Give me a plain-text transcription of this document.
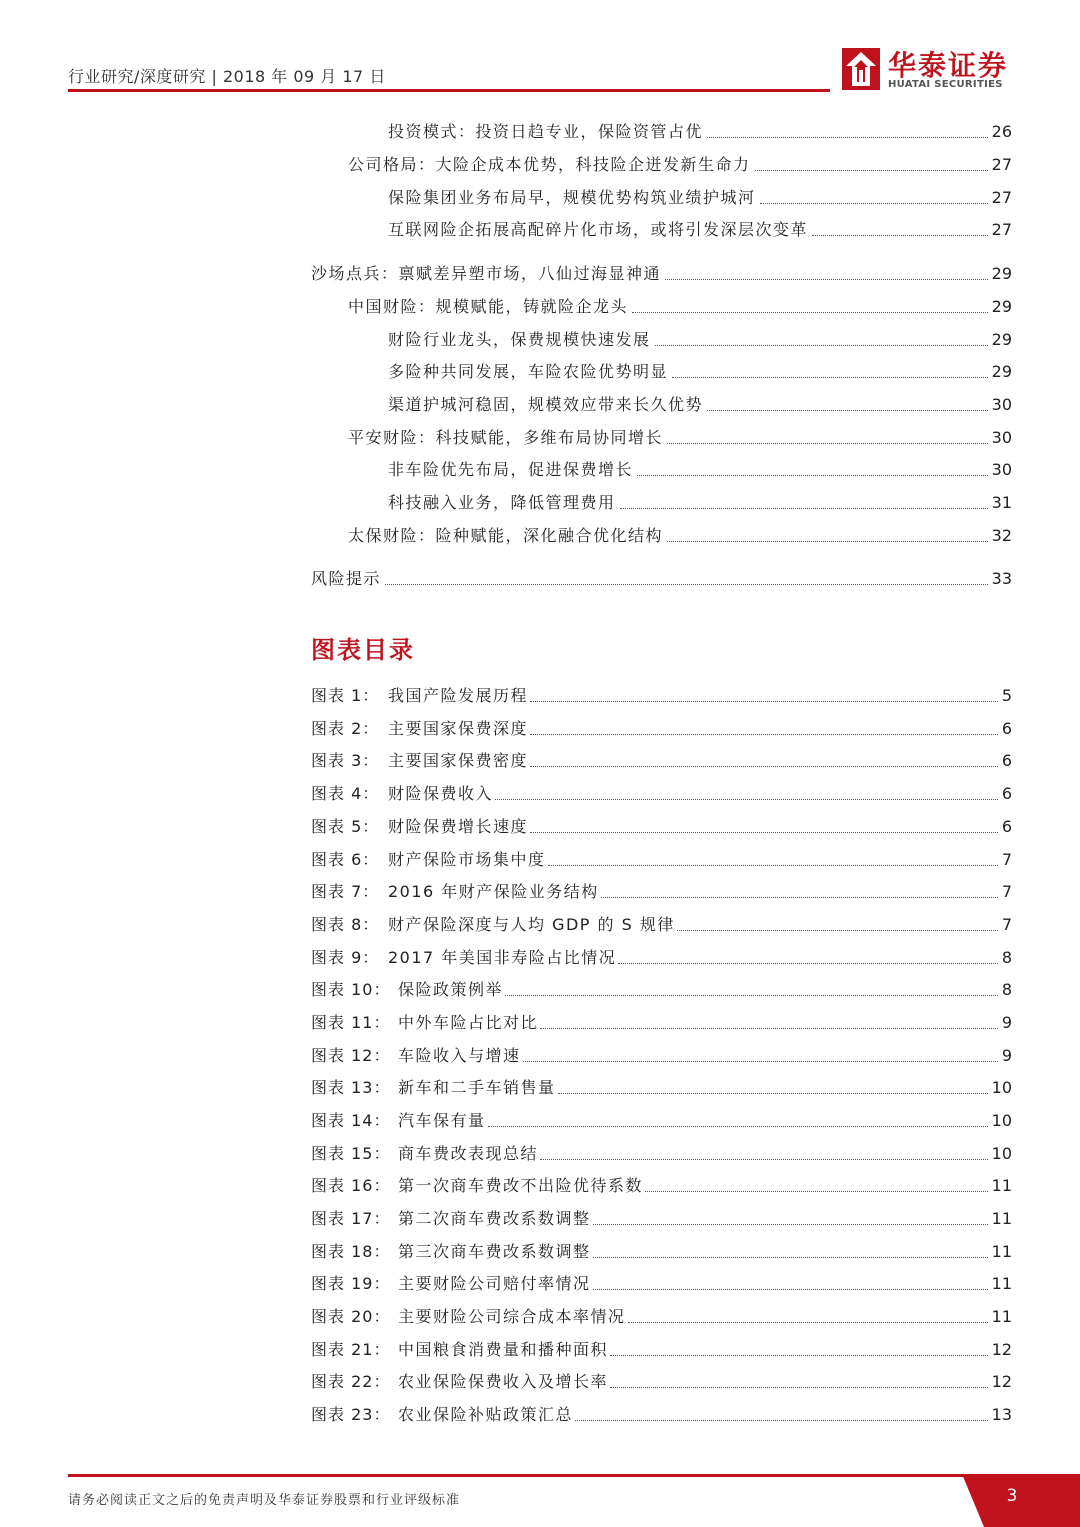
行业研究/深度研究 | 2018 年 09 月 17 日	华泰证券
HUATAI SECURITIES
投资模式：投资日趋专业，保险资管占优	26
公司格局：大险企成本优势，科技险企迸发新生命力	27
保险集团业务布局早，规模优势构筑业绩护城河	27
互联网险企拓展高配碎片化市场，或将引发深层次变革	27
沙场点兵：禀赋差异塑市场，八仙过海显神通	29
中国财险：规模赋能，铸就险企龙头	29
财险行业龙头，保费规模快速发展	29
多险种共同发展，车险农险优势明显	29
渠道护城河稳固，规模效应带来长久优势	30
平安财险：科技赋能，多维布局协同增长	30
非车险优先布局，促进保费增长	30
科技融入业务，降低管理费用	31
太保财险：险种赋能，深化融合优化结构	32
风险提示	33
图表目录
图表 1： 我国产险发展历程	5
图表 2： 主要国家保费深度	6
图表 3： 主要国家保费密度	6
图表 4： 财险保费收入	6
图表 5： 财险保费增长速度	6
图表 6： 财产保险市场集中度	7
图表 7： 2016 年财产保险业务结构	7
图表 8： 财产保险深度与人均 GDP 的 S 规律	7
图表 9： 2017 年美国非寿险占比情况	8
图表 10： 保险政策例举	8
图表 11： 中外车险占比对比	9
图表 12： 车险收入与增速	9
图表 13： 新车和二手车销售量	10
图表 14： 汽车保有量	10
图表 15： 商车费改表现总结	10
图表 16： 第一次商车费改不出险优待系数	11
图表 17： 第二次商车费改系数调整	11
图表 18： 第三次商车费改系数调整	11
图表 19： 主要财险公司赔付率情况	11
图表 20： 主要财险公司综合成本率情况	11
图表 21： 中国粮食消费量和播种面积	12
图表 22： 农业保险保费收入及增长率	12
图表 23： 农业保险补贴政策汇总	13
请务必阅读正文之后的免责声明及华泰证券股票和行业评级标准	3
